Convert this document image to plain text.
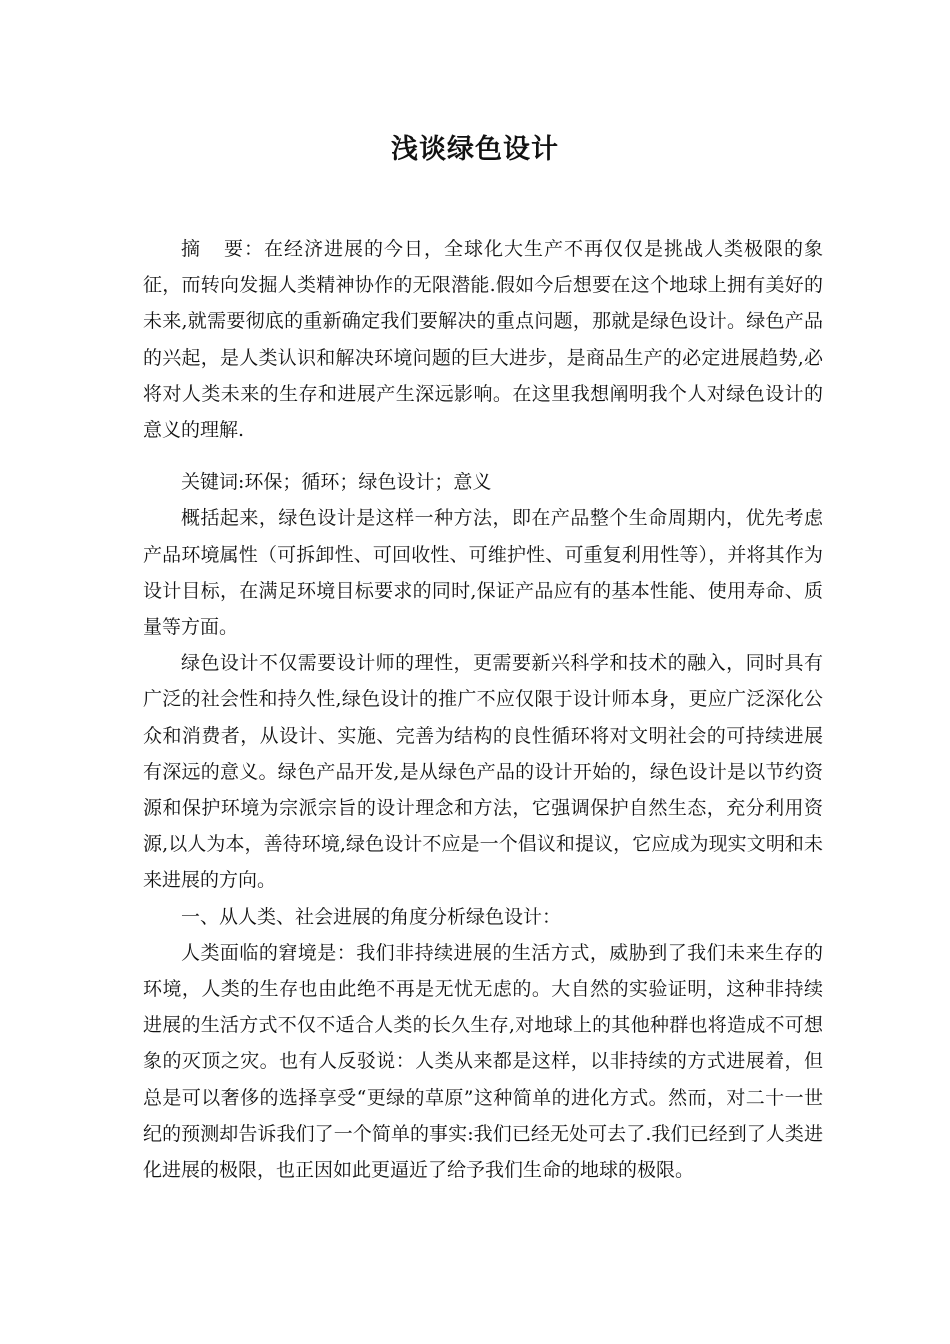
浅谈绿色设计

摘 要：在经济进展的今日，全球化大生产不再仅仅是挑战人类极限的象征，而转向发掘人类精神协作的无限潜能.假如今后想要在这个地球上拥有美好的未来,就需要彻底的重新确定我们要解决的重点问题，那就是绿色设计。绿色产品的兴起，是人类认识和解决环境问题的巨大进步，是商品生产的必定进展趋势,必将对人类未来的生存和进展产生深远影响。在这里我想阐明我个人对绿色设计的意义的理解.

关键词:环保；循环；绿色设计；意义

概括起来，绿色设计是这样一种方法，即在产品整个生命周期内，优先考虑产品环境属性（可拆卸性、可回收性、可维护性、可重复利用性等），并将其作为设计目标，在满足环境目标要求的同时,保证产品应有的基本性能、使用寿命、质量等方面。

绿色设计不仅需要设计师的理性，更需要新兴科学和技术的融入，同时具有广泛的社会性和持久性,绿色设计的推广不应仅限于设计师本身，更应广泛深化公众和消费者，从设计、实施、完善为结构的良性循环将对文明社会的可持续进展有深远的意义。绿色产品开发,是从绿色产品的设计开始的，绿色设计是以节约资源和保护环境为宗派宗旨的设计理念和方法，它强调保护自然生态，充分利用资源,以人为本，善待环境,绿色设计不应是一个倡议和提议，它应成为现实文明和未来进展的方向。

一、从人类、社会进展的角度分析绿色设计：

人类面临的窘境是：我们非持续进展的生活方式，威胁到了我们未来生存的环境，人类的生存也由此绝不再是无忧无虑的。大自然的实验证明，这种非持续进展的生活方式不仅不适合人类的长久生存,对地球上的其他种群也将造成不可想象的灭顶之灾。也有人反驳说：人类从来都是这样，以非持续的方式进展着，但总是可以奢侈的选择享受“更绿的草原”这种简单的进化方式。然而，对二十一世纪的预测却告诉我们了一个简单的事实:我们已经无处可去了.我们已经到了人类进化进展的极限，也正因如此更逼近了给予我们生命的地球的极限。
